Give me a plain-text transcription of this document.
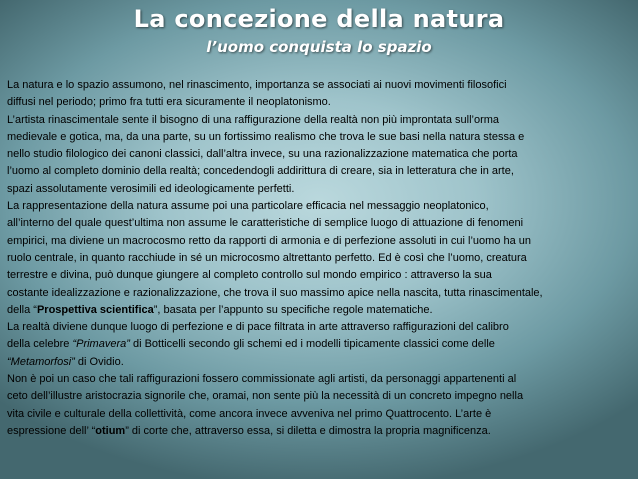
La concezione della natura
l’uomo conquista lo spazio
La natura e lo spazio assumono, nel rinascimento, importanza se associati ai nuovi movimenti filosofici
diffusi nel periodo; primo fra tutti era sicuramente il neoplatonismo.
L’artista rinascimentale sente il bisogno di una raffigurazione della realtà non più improntata sull’orma
medievale e gotica, ma, da una parte, su un fortissimo realismo che trova le sue basi nella natura stessa e
nello studio filologico dei canoni classici, dall’altra invece, su una razionalizzazione matematica che porta
l’uomo al completo dominio della realtà; concedendogli addirittura di creare, sia in letteratura che in arte,
spazi assolutamente verosimili ed ideologicamente perfetti.
La rappresentazione della natura assume poi una particolare efficacia nel messaggio neoplatonico,
all’interno del quale quest’ultima non assume le caratteristiche di semplice luogo di attuazione di fenomeni
empirici, ma diviene un macrocosmo retto da rapporti di armonia e di perfezione assoluti in cui l’uomo ha un
ruolo centrale, in quanto racchiude in sé un microcosmo altrettanto perfetto. Ed è così che l’uomo, creatura
terrestre e divina, può dunque giungere al completo controllo sul mondo empirico : attraverso la sua
costante idealizzazione e razionalizzazione, che trova il suo massimo apice nella nascita, tutta rinascimentale,
della “Prospettiva scientifica”, basata per l’appunto su specifiche regole matematiche.
La realtà diviene dunque luogo di perfezione e di pace filtrata in arte attraverso raffigurazioni del calibro
della celebre “Primavera” di Botticelli secondo gli schemi ed i modelli tipicamente classici come delle
“Metamorfosi” di Ovidio.
Non è poi un caso che tali raffigurazioni fossero commissionate agli artisti, da personaggi appartenenti al
ceto dell’illustre aristocrazia signorile che, oramai, non sente più la necessità di un concreto impegno nella
vita civile e culturale della collettività, come ancora invece avveniva nel primo Quattrocento. L’arte è
espressione dell’ “otium” di corte che, attraverso essa, si diletta e dimostra la propria magnificenza.
